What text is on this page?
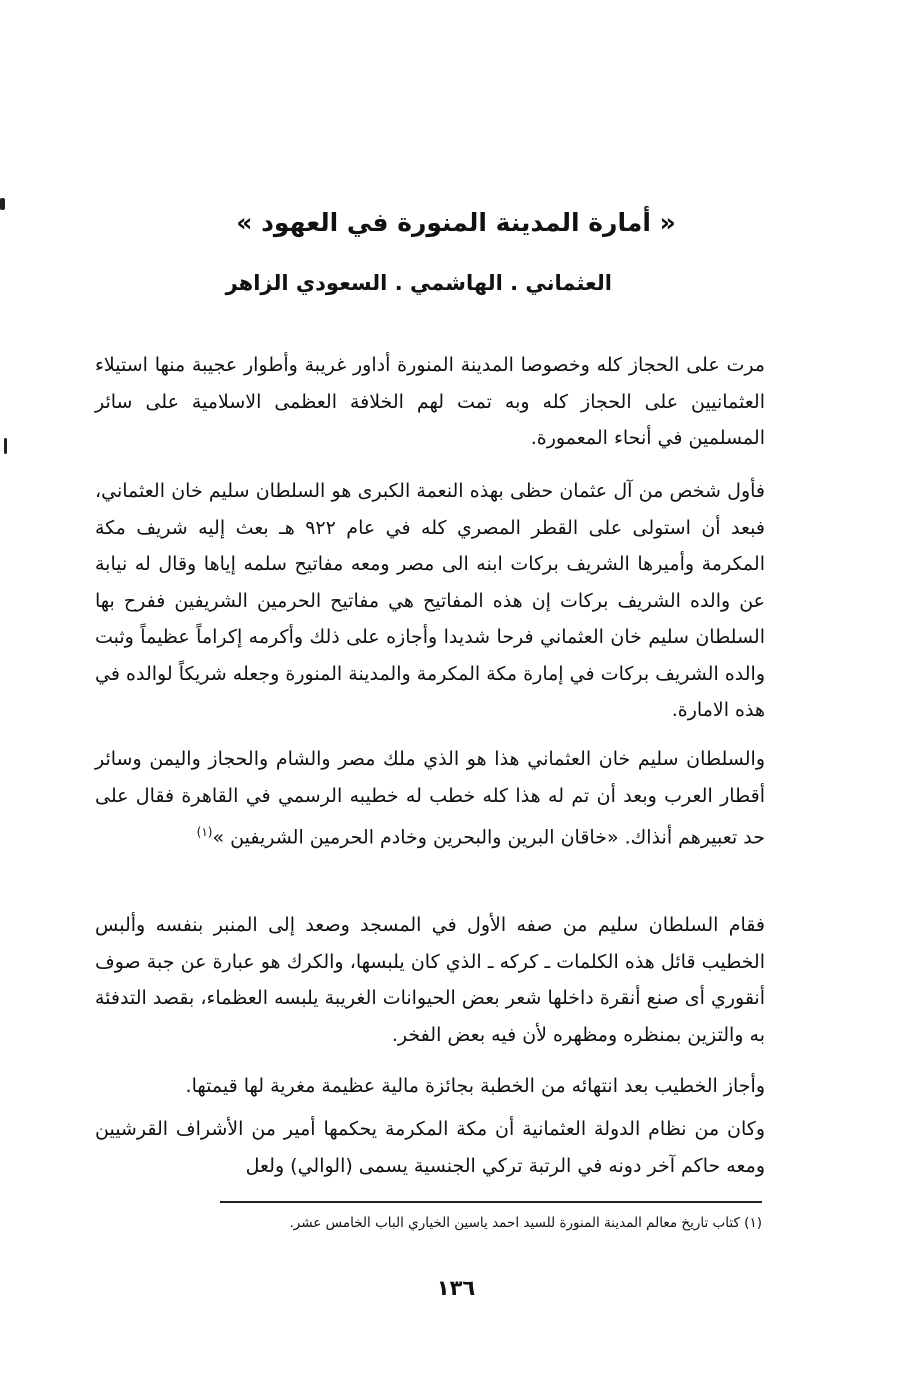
« أمارة المدينة المنورة في العهود »
العثماني . الهاشمي . السعودي الزاهر

مرت على الحجاز كله وخصوصا المدينة المنورة أداور غريبة وأطوار عجيبة منها استيلاء العثمانيين على الحجاز كله وبه تمت لهم الخلافة العظمى الاسلامية على سائر المسلمين في أنحاء المعمورة.

فأول شخص من آل عثمان حظى بهذه النعمة الكبرى هو السلطان سليم خان العثماني، فبعد أن استولى على القطر المصري كله في عام ٩٢٢ هـ بعث إليه شريف مكة المكرمة وأميرها الشريف بركات ابنه الى مصر ومعه مفاتيح سلمه إياها وقال له نيابة عن والده الشريف بركات إن هذه المفاتيح هي مفاتيح الحرمين الشريفين ففرح بها السلطان سليم خان العثماني فرحا شديدا وأجازه على ذلك وأكرمه إكراماً عظيماً وثبت والده الشريف بركات في إمارة مكة المكرمة والمدينة المنورة وجعله شريكاً لوالده في هذه الامارة.

والسلطان سليم خان العثماني هذا هو الذي ملك مصر والشام والحجاز واليمن وسائر أقطار العرب وبعد أن تم له هذا كله خطب له خطيبه الرسمي في القاهرة فقال على حد تعبيرهم أنذاك. «خاقان البرين والبحرين وخادم الحرمين الشريفين »$^{(١)}$

فقام السلطان سليم من صفه الأول في المسجد وصعد إلى المنبر بنفسه وألبس الخطيب قائل هذه الكلمات ـ كركه ـ الذي كان يلبسها، والكرك هو عبارة عن جبة صوف أنقوري أى صنع أنقرة داخلها شعر بعض الحيوانات الغريبة يلبسه العظماء، بقصد التدفئة به والتزين بمنظره ومظهره لأن فيه بعض الفخر.

وأجاز الخطيب بعد انتهائه من الخطبة بجائزة مالية عظيمة مغرية لها قيمتها.

وكان من نظام الدولة العثمانية أن مكة المكرمة يحكمها أمير من الأشراف القرشيين ومعه حاكم آخر دونه في الرتبة تركي الجنسية يسمى (الوالي) ولعل

(١) كتاب تاريخ معالم المدينة المنورة للسيد احمد ياسين الخياري الباب الخامس عشر.

١٣٦
